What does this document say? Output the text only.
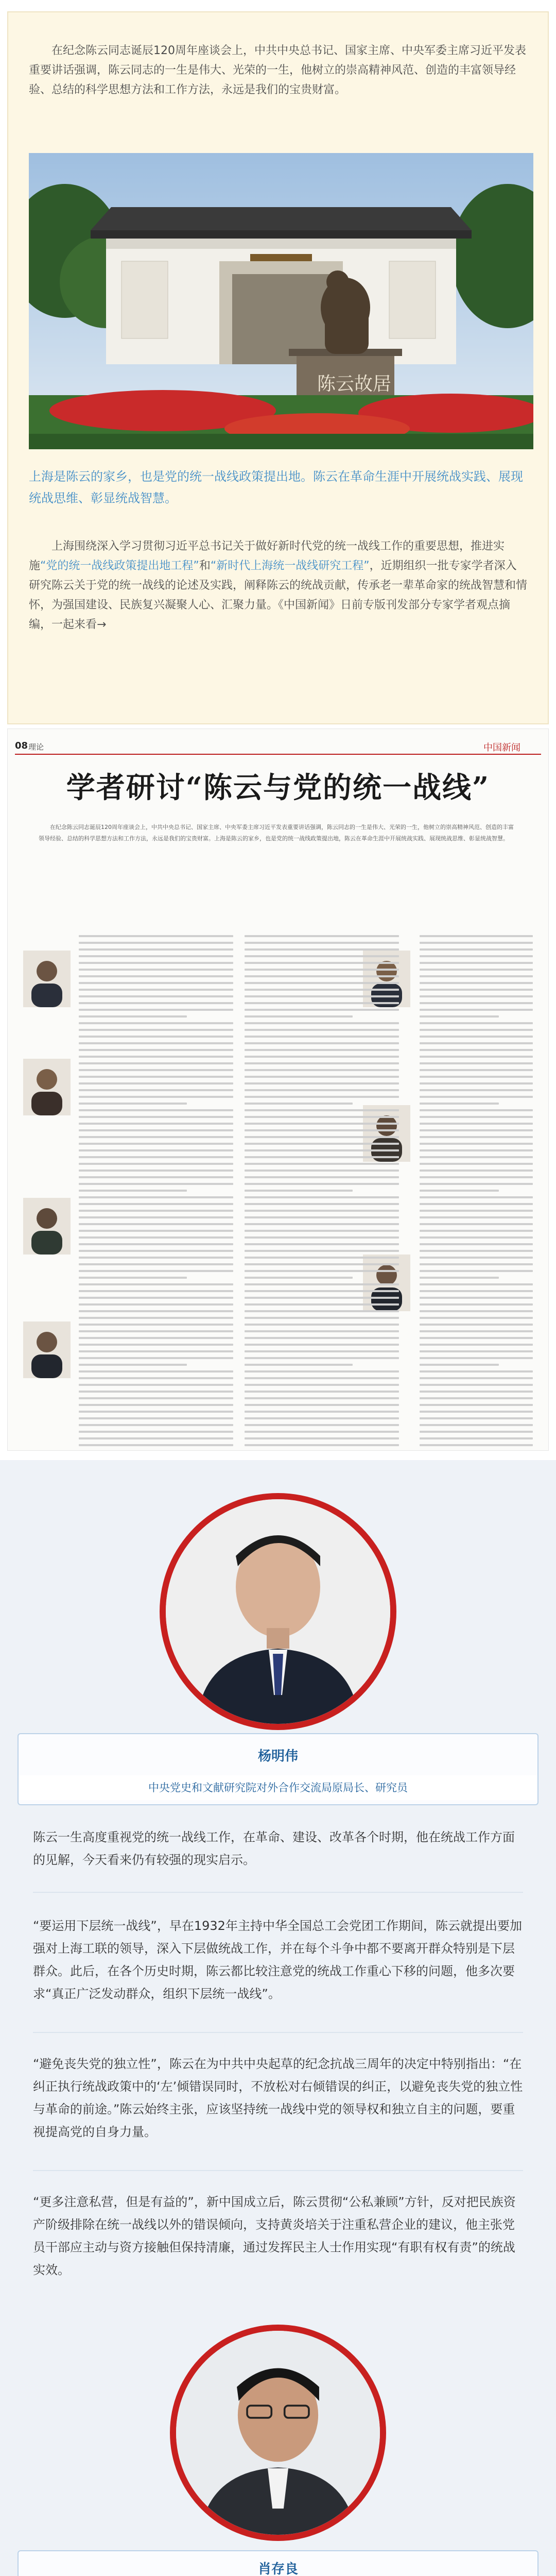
在纪念陈云同志诞辰120周年座谈会上，中共中央总书记、国家主席、中央军委主席习近平发表重要讲话强调，陈云同志的一生是伟大、光荣的一生，他树立的崇高精神风范、创造的丰富领导经验、总结的科学思想方法和工作方法，永远是我们的宝贵财富。

陈云故居

上海是陈云的家乡，也是党的统一战线政策提出地。陈云在革命生涯中开展统战实践、展现统战思维、彰显统战智慧。

上海围绕深入学习贯彻习近平总书记关于做好新时代党的统一战线工作的重要思想，推进实施“党的统一战线政策提出地工程”和“新时代上海统一战线研究工程”，近期组织一批专家学者深入研究陈云关于党的统一战线的论述及实践，阐释陈云的统战贡献，传承老一辈革命家的统战智慧和情怀，为强国建设、民族复兴凝聚人心、汇聚力量。《中国新闻》日前专版刊发部分专家学者观点摘编，一起来看→

08 理论	中国新闻
学者研讨“陈云与党的统一战线”

在纪念陈云同志诞辰120周年座谈会上，中共中央总书记、国家主席、中央军委主席习近平发表重要讲话强调，陈云同志的一生是伟大、光荣的一生，他树立的崇高精神风范、创造的丰富领导经验、总结的科学思想方法和工作方法，永远是我们的宝贵财富。上海是陈云的家乡，也是党的统一战线政策提出地，陈云在革命生涯中开展统战实践、展现统战思维、彰显统战智慧。

杨明伟
中央党史和文献研究院对外合作交流局原局长、研究员

陈云一生高度重视党的统一战线工作，在革命、建设、改革各个时期，他在统战工作方面的见解，今天看来仍有较强的现实启示。

“要运用下层统一战线”，早在1932年主持中华全国总工会党团工作期间，陈云就提出要加强对上海工联的领导，深入下层做统战工作，并在每个斗争中都不要离开群众特别是下层群众。此后，在各个历史时期，陈云都比较注意党的统战工作重心下移的问题，他多次要求“真正广泛发动群众，组织下层统一战线”。

“避免丧失党的独立性”，陈云在为中共中央起草的纪念抗战三周年的决定中特别指出：“在纠正执行统战政策中的‘左’倾错误同时，不放松对右倾错误的纠正，以避免丧失党的独立性与革命的前途。”陈云始终主张，应该坚持统一战线中党的领导权和独立自主的问题，要重视提高党的自身力量。

“更多注意私营，但是有益的”，新中国成立后，陈云贯彻“公私兼顾”方针，反对把民族资产阶级排除在统一战线以外的错误倾向，支持黄炎培关于注重私营企业的建议，他主张党员干部应主动与资方接触但保持清廉，通过发挥民主人士作用实现“有职有权有责”的统战实效。

肖存良
